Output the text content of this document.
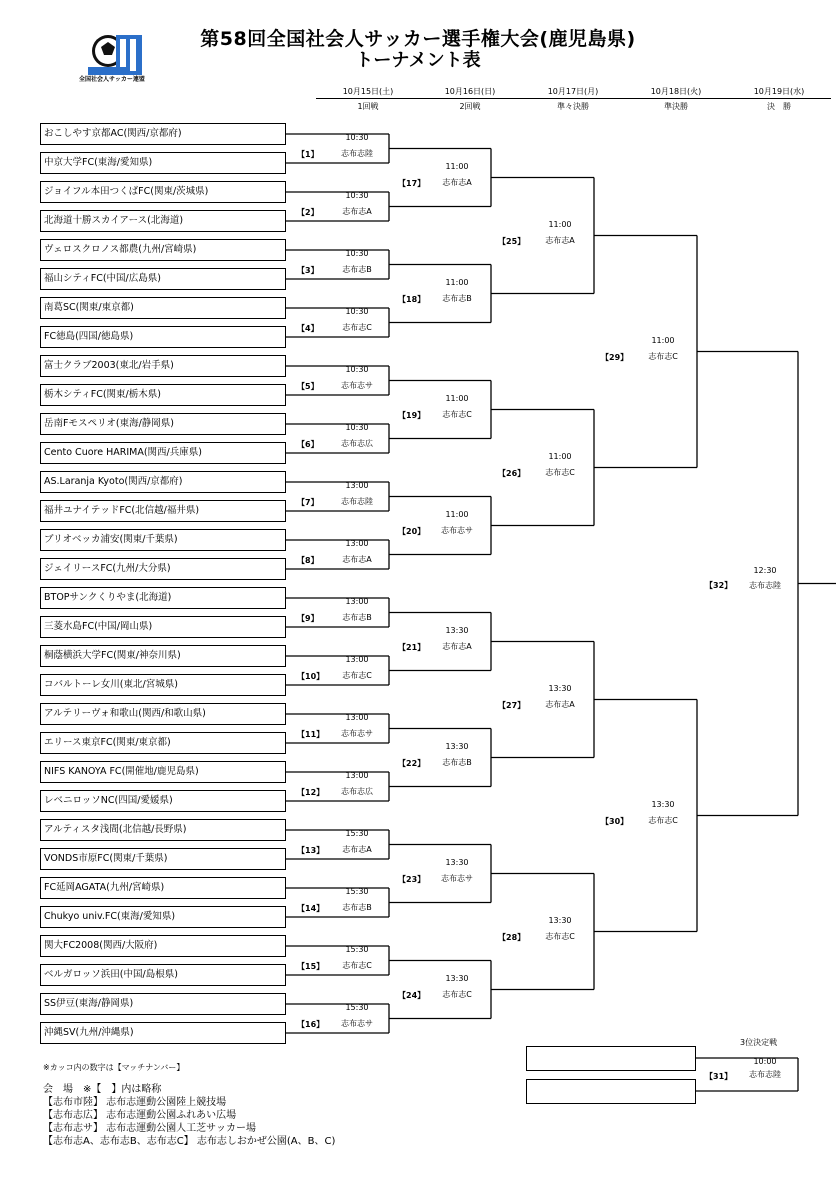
第58回全国社会人サッカー選手権大会(鹿児島県)
トーナメント表
全国社会人サッカー連盟
10月15日(土)
1回戦
10月16日(日)
2回戦
10月17日(月)
準々決勝
10月18日(火)
準決勝
10月19日(水)
決　勝
おこしやす京都AC(関西/京都府)
中京大学FC(東海/愛知県)
ジョイフル本田つくばFC(関東/茨城県)
北海道十勝スカイアース(北海道)
ヴェロスクロノス都農(九州/宮崎県)
福山シティFC(中国/広島県)
南葛SC(関東/東京都)
FC徳島(四国/徳島県)
富士クラブ2003(東北/岩手県)
栃木シティFC(関東/栃木県)
岳南Fモスペリオ(東海/静岡県)
Cento Cuore HARIMA(関西/兵庫県)
AS.Laranja Kyoto(関西/京都府)
福井ユナイテッドFC(北信越/福井県)
ブリオベッカ浦安(関東/千葉県)
ジェイリースFC(九州/大分県)
BTOPサンクくりやま(北海道)
三菱水島FC(中国/岡山県)
桐蔭横浜大学FC(関東/神奈川県)
コバルトーレ女川(東北/宮城県)
アルテリーヴォ和歌山(関西/和歌山県)
エリース東京FC(関東/東京都)
NIFS KANOYA FC(開催地/鹿児島県)
レベニロッソNC(四国/愛媛県)
アルティスタ浅間(北信越/長野県)
VONDS市原FC(関東/千葉県)
FC延岡AGATA(九州/宮崎県)
Chukyo univ.FC(東海/愛知県)
関大FC2008(関西/大阪府)
ベルガロッソ浜田(中国/島根県)
SS伊豆(東海/静岡県)
沖縄SV(九州/沖縄県)
【1】
10:30
志布志陸
【2】
10:30
志布志A
【3】
10:30
志布志B
【4】
10:30
志布志C
【5】
10:30
志布志サ
【6】
10:30
志布志広
【7】
13:00
志布志陸
【8】
13:00
志布志A
【9】
13:00
志布志B
【10】
13:00
志布志C
【11】
13:00
志布志サ
【12】
13:00
志布志広
【13】
15:30
志布志A
【14】
15:30
志布志B
【15】
15:30
志布志C
【16】
15:30
志布志サ
【17】
11:00
志布志A
【18】
11:00
志布志B
【19】
11:00
志布志C
【20】
11:00
志布志サ
【21】
13:30
志布志A
【22】
13:30
志布志B
【23】
13:30
志布志サ
【24】
13:30
志布志C
【25】
11:00
志布志A
【26】
11:00
志布志C
【27】
13:30
志布志A
【28】
13:30
志布志C
【29】
11:00
志布志C
【30】
13:30
志布志C
【32】
12:30
志布志陸
【31】
10:00
志布志陸
3位決定戦
※カッコ内の数字は【マッチナンバー】
会　場　※【　】内は略称
【志布市陸】 志布志運動公園陸上競技場
【志布志広】 志布志運動公園ふれあい広場
【志布志サ】 志布志運動公園人工芝サッカー場
【志布志A、志布志B、志布志C】 志布志しおかぜ公園(A、B、C)
